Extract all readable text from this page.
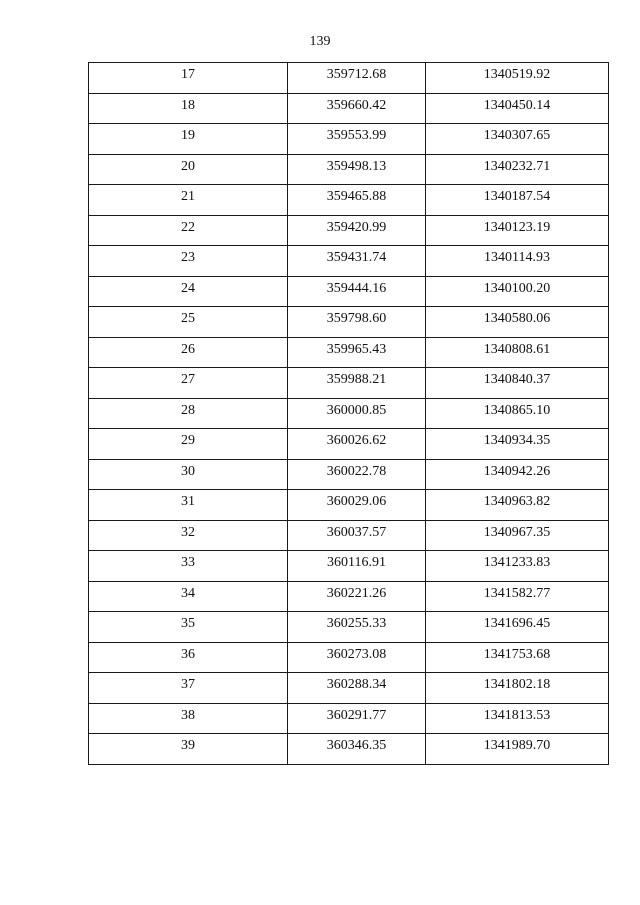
139
17	359712.68	1340519.92
18	359660.42	1340450.14
19	359553.99	1340307.65
20	359498.13	1340232.71
21	359465.88	1340187.54
22	359420.99	1340123.19
23	359431.74	1340114.93
24	359444.16	1340100.20
25	359798.60	1340580.06
26	359965.43	1340808.61
27	359988.21	1340840.37
28	360000.85	1340865.10
29	360026.62	1340934.35
30	360022.78	1340942.26
31	360029.06	1340963.82
32	360037.57	1340967.35
33	360116.91	1341233.83
34	360221.26	1341582.77
35	360255.33	1341696.45
36	360273.08	1341753.68
37	360288.34	1341802.18
38	360291.77	1341813.53
39	360346.35	1341989.70
